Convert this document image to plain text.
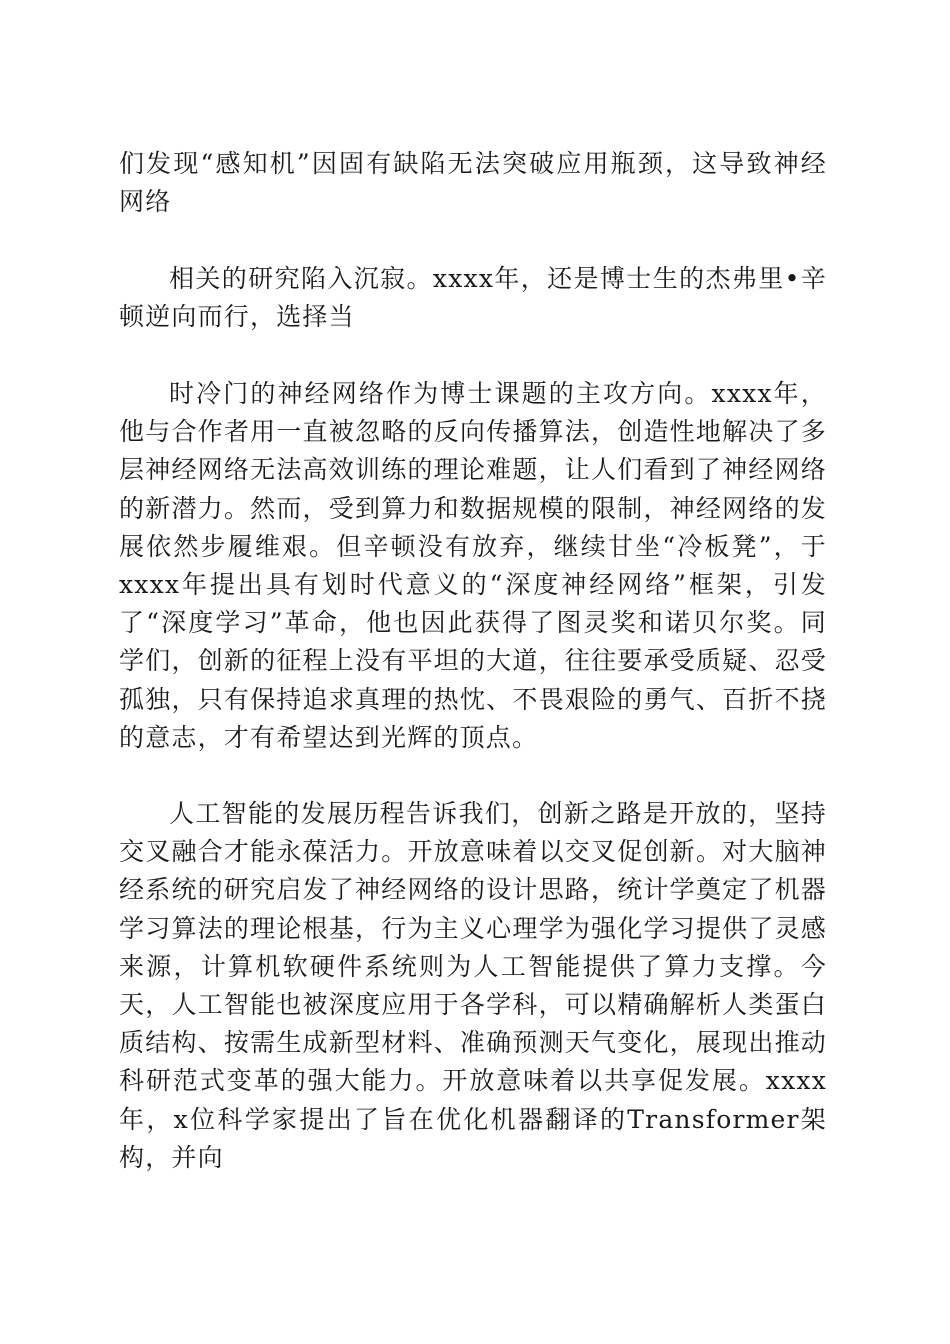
们发现“感知机”因固有缺陷无法突破应用瓶颈，这导致神经网络

相关的研究陷入沉寂。xxxx年，还是博士生的杰弗里•辛顿逆向而行，选择当

时冷门的神经网络作为博士课题的主攻方向。xxxx年，他与合作者用一直被忽略的反向传播算法，创造性地解决了多层神经网络无法高效训练的理论难题，让人们看到了神经网络的新潜力。然而，受到算力和数据规模的限制，神经网络的发展依然步履维艰。但辛顿没有放弃，继续甘坐“冷板凳”，于xxxx年提出具有划时代意义的“深度神经网络”框架，引发了“深度学习”革命，他也因此获得了图灵奖和诺贝尔奖。同学们，创新的征程上没有平坦的大道，往往要承受质疑、忍受孤独，只有保持追求真理的热忱、不畏艰险的勇气、百折不挠的意志，才有希望达到光辉的顶点。

人工智能的发展历程告诉我们，创新之路是开放的，坚持交叉融合才能永葆活力。开放意味着以交叉促创新。对大脑神经系统的研究启发了神经网络的设计思路，统计学奠定了机器学习算法的理论根基，行为主义心理学为强化学习提供了灵感来源，计算机软硬件系统则为人工智能提供了算力支撑。今天，人工智能也被深度应用于各学科，可以精确解析人类蛋白质结构、按需生成新型材料、准确预测天气变化，展现出推动科研范式变革的强大能力。开放意味着以共享促发展。xxxx年，x位科学家提出了旨在优化机器翻译的Transformer架构，并向
